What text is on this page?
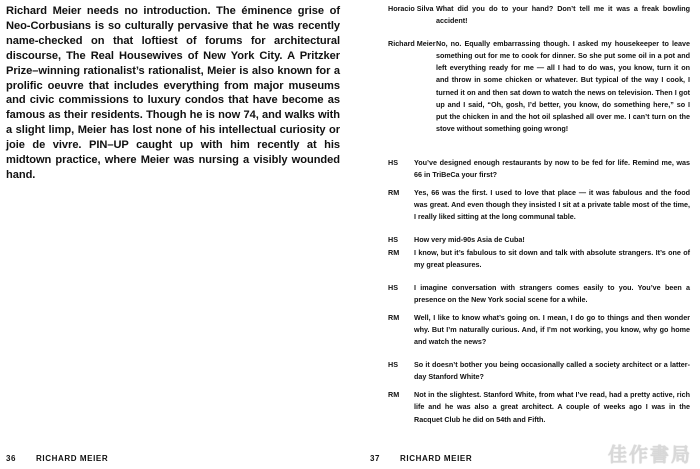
Richard Meier needs no introduction. The éminence grise of Neo-Corbusians is so culturally pervasive that he was recently name-checked on that loftiest of forums for architectural discourse, The Real Housewives of New York City. A Pritzker Prize–winning rationalist’s rationalist, Meier is also known for a prolific oeuvre that includes everything from major museums and civic commissions to luxury condos that have become as famous as their residents. Though he is now 74, and walks with a slight limp, Meier has lost none of his intellectual curiosity or joie de vivre. PIN–UP caught up with him recently at his midtown practice, where Meier was nursing a visibly wounded hand.

36 RICHARD MEIER
Horacio Silva What did you do to your hand? Don’t tell me it was a freak bowling accident!
Richard Meier No, no. Equally embarrassing though. I asked my housekeeper to leave something out for me to cook for dinner. So she put some oil in a pot and left everything ready for me — all I had to do was, you know, turn it on and throw in some chicken or whatever. But typical of the way I cook, I turned it on and then sat down to watch the news on television. Then I got up and I said, “Oh, gosh, I’d better, you know, do something here,” so I put the chicken in and the hot oil splashed all over me. I can’t turn on the stove without something going wrong!
HS	You’ve designed enough restaurants by now to be fed for life. Remind me, was 66 in TriBeCa your first?
RM	Yes, 66 was the first. I used to love that place — it was fabulous and the food was great. And even though they insisted I sit at a private table most of the time, I really liked sitting at the long communal table.
HS	How very mid-90s Asia de Cuba!
RM	I know, but it’s fabulous to sit down and talk with absolute strangers. It’s one of my great pleasures.
HS	I imagine conversation with strangers comes easily to you. You’ve been a presence on the New York social scene for a while.
RM	Well, I like to know what’s going on. I mean, I do go to things and then wonder why. But I’m naturally curious. And, if I’m not working, you know, why go home and watch the news?
HS	So it doesn’t bother you being occasionally called a society architect or a latter-day Stanford White?
RM	Not in the slightest. Stanford White, from what I’ve read, had a pretty active, rich life and he was also a great architect. A couple of weeks ago I was in the Racquet Club he did on 54th and Fifth.
37 RICHARD MEIER	佳作書局
